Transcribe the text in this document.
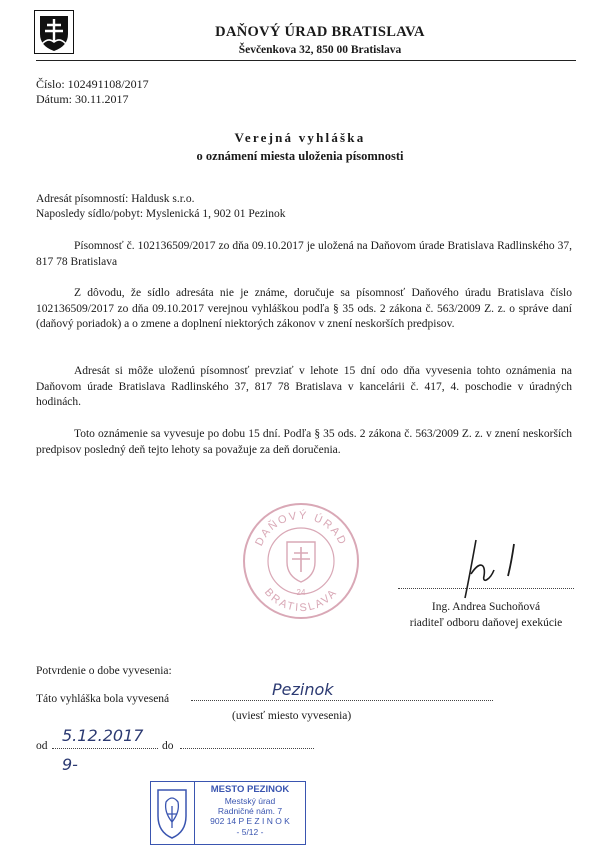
DAŇOVÝ ÚRAD BRATISLAVA
Ševčenkova 32, 850 00 Bratislava
Číslo: 102491108/2017
Dátum: 30.11.2017
Verejná vyhláška
o oznámení miesta uloženia písomnosti
Adresát písomností: Haldusk s.r.o.
Naposledy sídlo/pobyt: Myslenická 1, 902 01 Pezinok
Písomnosť č. 102136509/2017 zo dňa 09.10.2017 je uložená na Daňovom úrade Bratislava Radlinského 37, 817 78 Bratislava
Z dôvodu, že sídlo adresáta nie je známe, doručuje sa písomnosť Daňového úradu Bratislava číslo 102136509/2017 zo dňa 09.10.2017 verejnou vyhláškou podľa § 35 ods. 2 zákona č. 563/2009 Z. z. o správe daní (daňový poriadok) a o zmene a doplnení niektorých zákonov v znení neskorších predpisov.
Adresát si môže uloženú písomnosť prevziať v lehote 15 dní odo dňa vyvesenia tohto oznámenia na Daňovom úrade Bratislava Radlinského 37, 817 78 Bratislava v kancelárii č. 417, 4. poschodie v úradných hodinách.
Toto oznámenie sa vyvesuje po dobu 15 dní. Podľa § 35 ods. 2 zákona č. 563/2009 Z. z. v znení neskorších predpisov posledný deň tejto lehoty sa považuje za deň doručenia.
DAŇOVÝ ÚRAD
BRATISLAVA
24
Ing. Andrea Suchoňová
riaditeľ odboru daňovej exekúcie
Potvrdenie o dobe vyvesenia:
Táto vyhláška bola vyvesená	Pezinok
(uviesť miesto vyvesenia)
od
5.12.2017
do
9-
MESTO PEZINOK
Mestský úrad
Radničné nám. 7
902 14 P E Z I N O K
- 5/12 -
